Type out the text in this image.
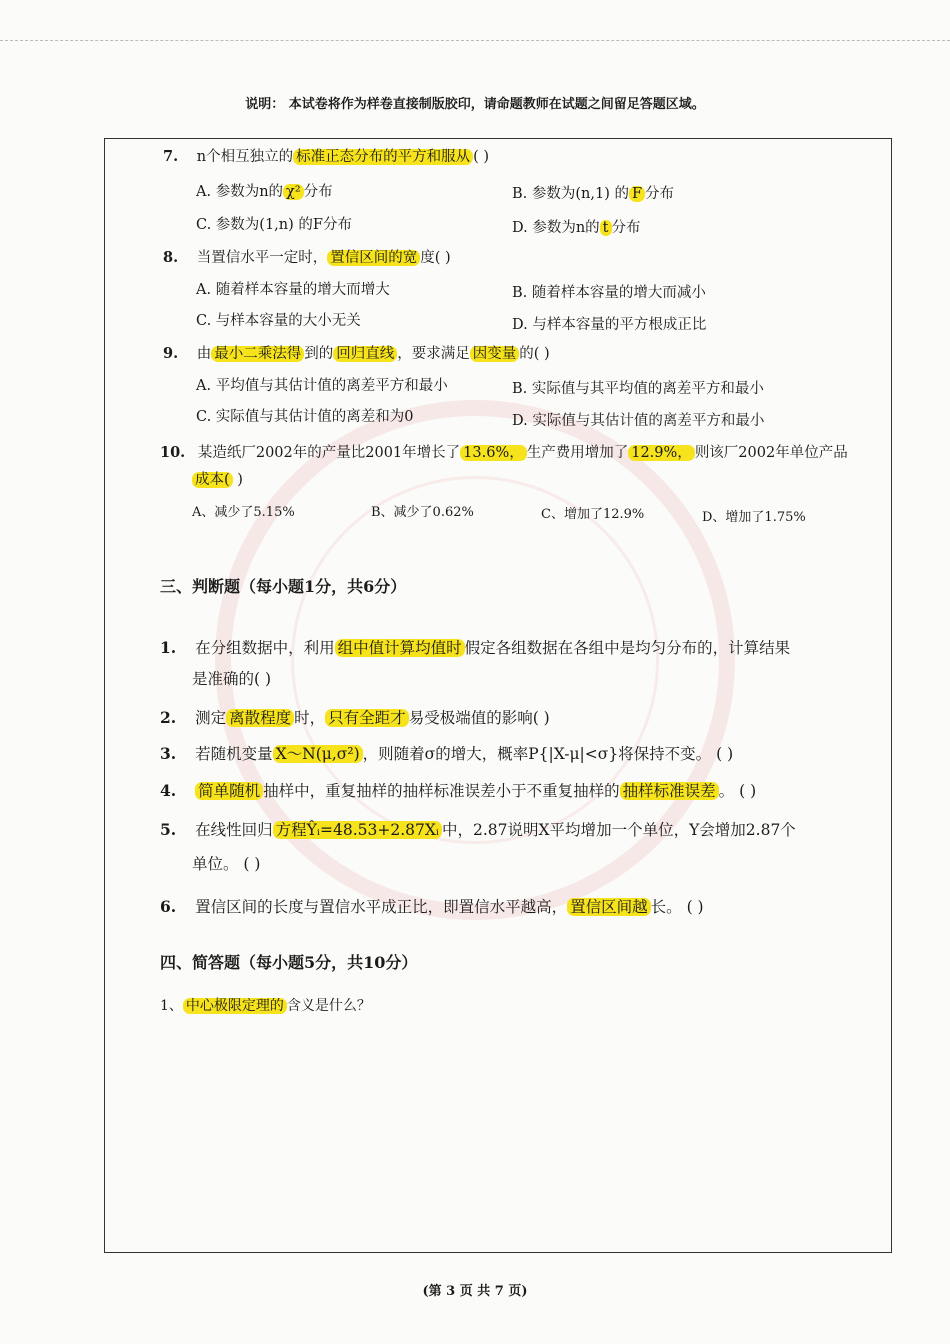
说明： 本试卷将作为样卷直接制版胶印，请命题教师在试题之间留足答题区域。
7. n个相互独立的 标准正态分布的平方和服从 ( )
A. 参数为n的 χ² 分布	B. 参数为(n,1) 的 F 分布
C. 参数为(1,n) 的F分布	D. 参数为n的 t 分布
8. 当置信水平一定时， 置信区间的宽 度( )
A. 随着样本容量的增大而增大	B. 随着样本容量的增大而减小
C. 与样本容量的大小无关	D. 与样本容量的平方根成正比
9. 由 最小二乘法得 到的 回归直线 ，要求满足 因变量 的( )
A. 平均值与其估计值的离差平方和最小	B. 实际值与其平均值的离差平方和最小
C. 实际值与其估计值的离差和为0	D. 实际值与其估计值的离差平方和最小
10. 某造纸厂2002年的产量比2001年增长了 13.6%， 生产费用增加了 12.9%， 则该厂2002年单位产品
成本( )
A、减少了5.15%	B、减少了0.62%	C、增加了12.9%	D、增加了1.75%
三、判断题（每小题1分，共6分）
1. 在分组数据中，利用 组中值计算均值时 假定各组数据在各组中是均匀分布的，计算结果
是准确的( )
2. 测定 离散程度 时， 只有全距才 易受极端值的影响( )
3. 若随机变量 X～N(μ,σ²) ，则随着σ的增大，概率P{|X-μ|<σ}将保持不变。 ( )
4. 简单随机 抽样中，重复抽样的抽样标准误差小于不重复抽样的 抽样标准误差 。 ( )
5. 在线性回归 方程Ŷᵢ=48.53+2.87Xᵢ 中，2.87说明X平均增加一个单位，Y会增加2.87个
单位。 ( )
6. 置信区间的长度与置信水平成正比，即置信水平越高， 置信区间越 长。 ( )
四、简答题（每小题5分，共10分）
1、 中心极限定理的 含义是什么？
(第 3 页 共 7 页)
